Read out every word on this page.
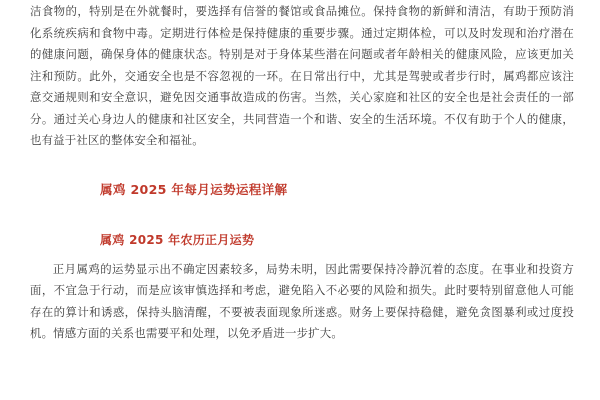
洁食物的，特别是在外就餐时，要选择有信誉的餐馆或食品摊位。保持食物的新鲜和清洁，有助于预防消化系统疾病和食物中毒。定期进行体检是保持健康的重要步骤。通过定期体检，可以及时发现和治疗潜在的健康问题，确保身体的健康状态。特别是对于身体某些潜在问题或者年龄相关的健康风险，应该更加关注和预防。此外，交通安全也是不容忽视的一环。在日常出行中，尤其是驾驶或者步行时，属鸡都应该注意交通规则和安全意识，避免因交通事故造成的伤害。当然，关心家庭和社区的安全也是社会责任的一部分。通过关心身边人的健康和社区安全，共同营造一个和谐、安全的生活环境。不仅有助于个人的健康，也有益于社区的整体安全和福祉。

属鸡 2025 年每月运势运程详解
属鸡 2025 年农历正月运势

正月属鸡的运势显示出不确定因素较多，局势未明，因此需要保持冷静沉着的态度。在事业和投资方面，不宜急于行动，而是应该审慎选择和考虑，避免陷入不必要的风险和损失。此时要特别留意他人可能存在的算计和诱惑，保持头脑清醒，不要被表面现象所迷惑。财务上要保持稳健，避免贪图暴利或过度投机。情感方面的关系也需要平和处理，以免矛盾进一步扩大。
